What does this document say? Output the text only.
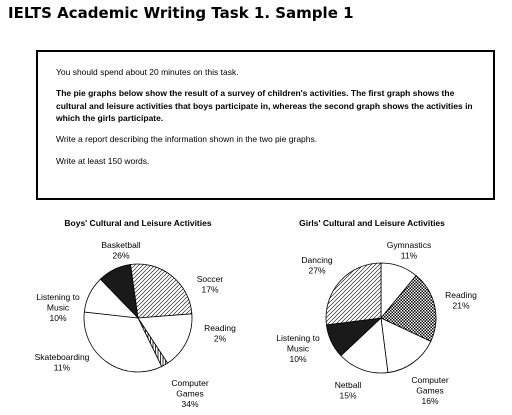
IELTS Academic Writing Task 1. Sample 1

You should spend about 20 minutes on this task.

The pie graphs below show the result of a survey of children's activities. The first graph shows the cultural and leisure activities that boys participate in, whereas the second graph shows the activities in which the girls participate.

Write a report describing the information shown in the two pie graphs.

Write at least 150 words.

Boys' Cultural and Leisure Activities
Basketball 26%
Soccer 17%
Reading 2%
Computer Games 34%
Skateboarding 11%
Listening to Music 10%
Girls' Cultural and Leisure Activities
Gymnastics 11%
Reading 21%
Computer Games 16%
Netball 15%
Listening to Music 10%
Dancing 27%
